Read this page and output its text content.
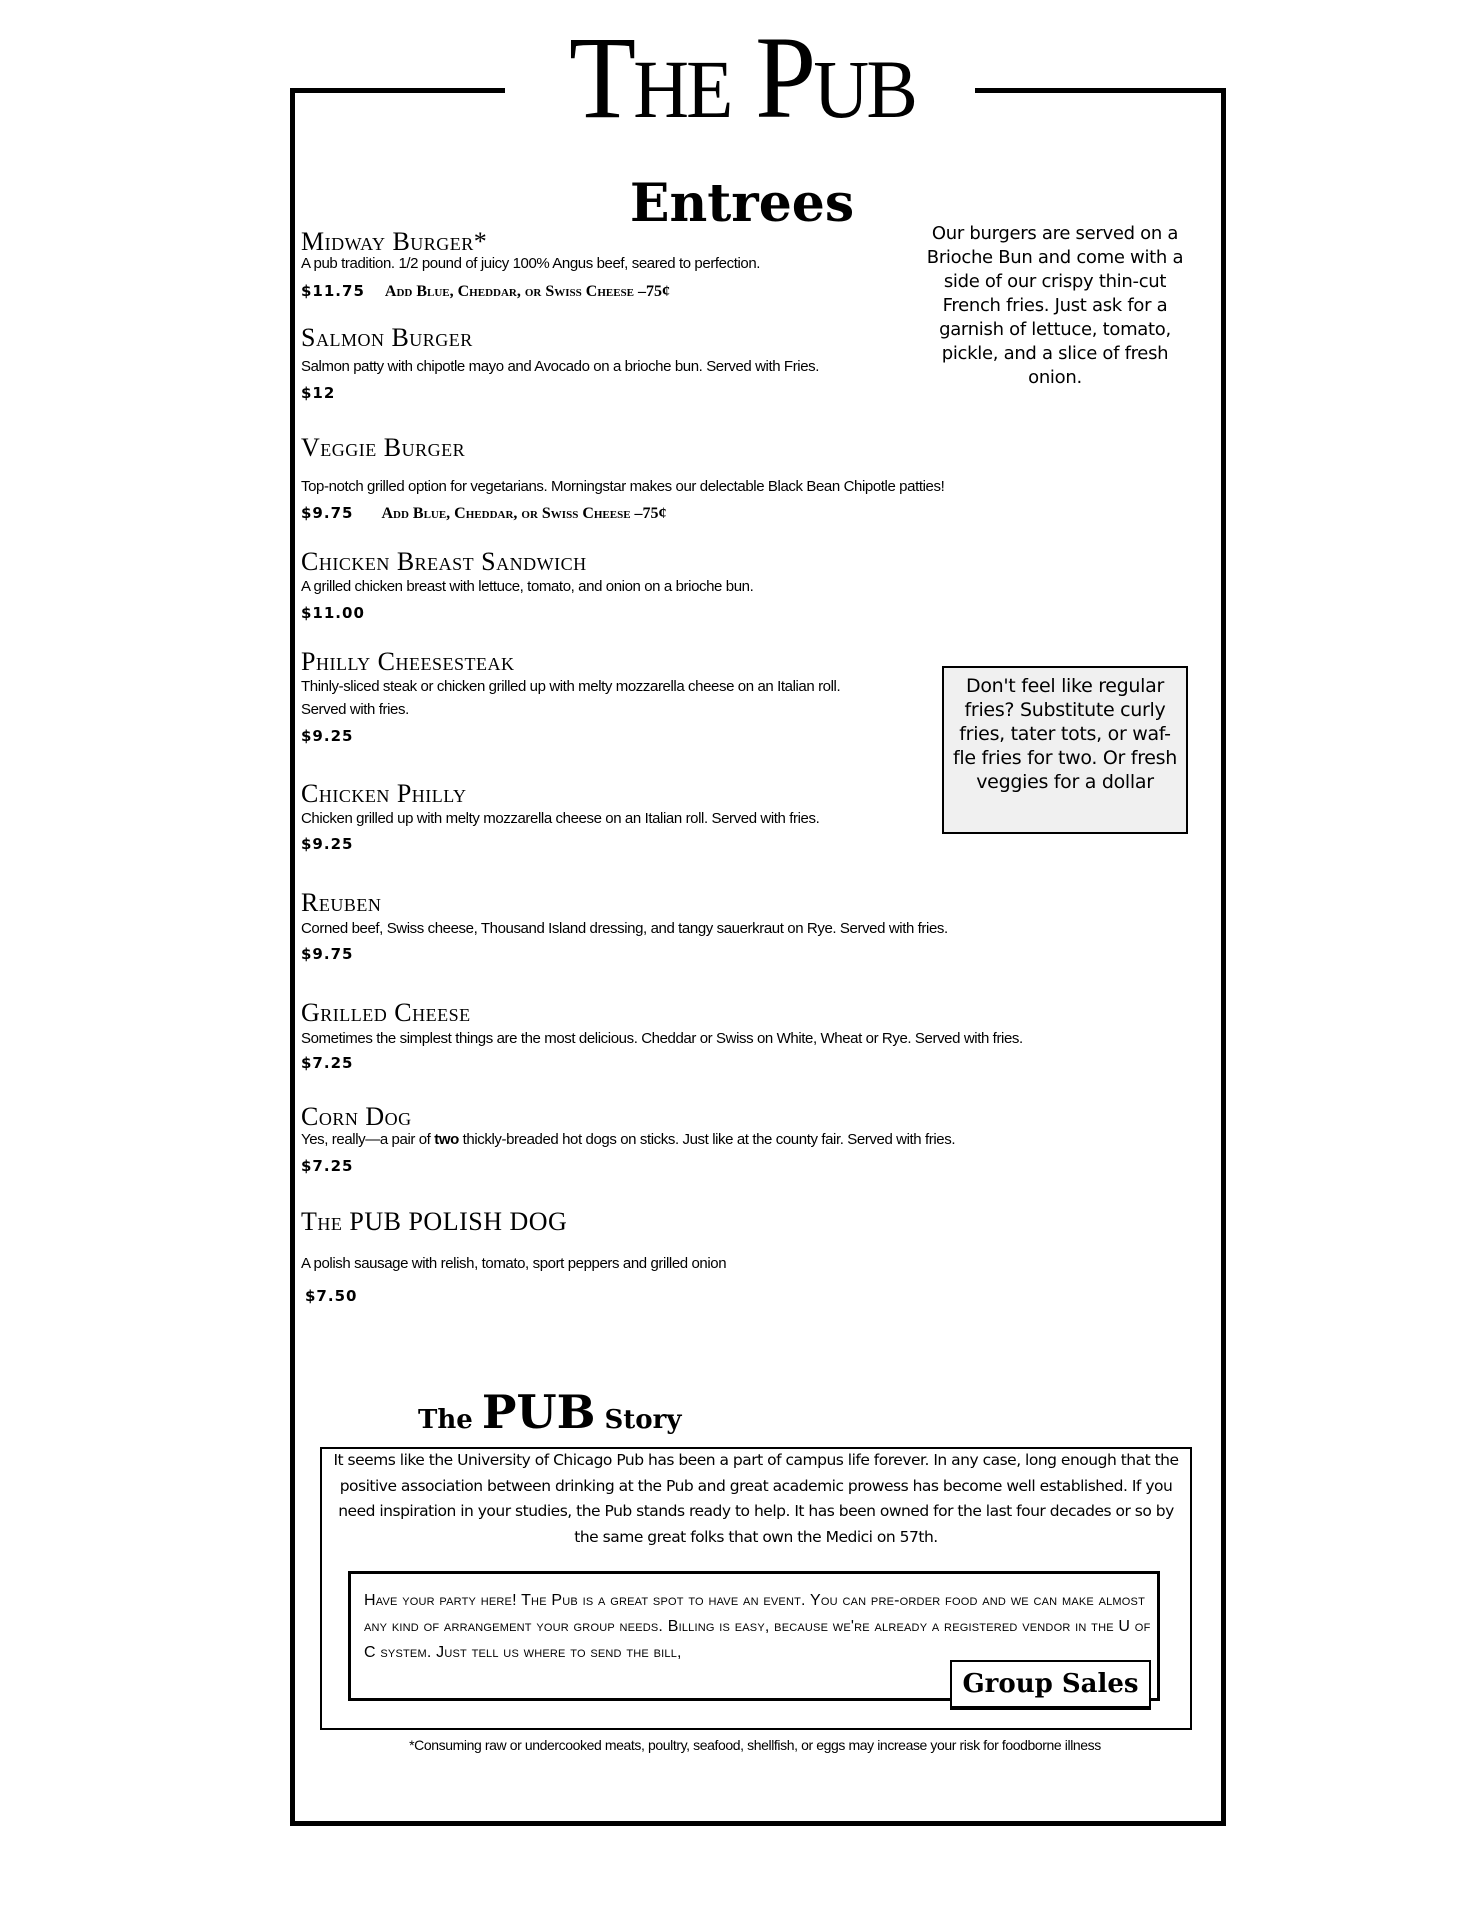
The Pub
Entrees
Midway Burger*
A pub tradition. 1/2 pound of juicy 100% Angus beef, seared to perfection.
$11.75 Add Blue, Cheddar, or Swiss Cheese –75¢
Salmon Burger
Salmon patty with chipotle mayo and Avocado on a brioche bun. Served with Fries.
$12
Veggie Burger
Top-notch grilled option for vegetarians. Morningstar makes our delectable Black Bean Chipotle patties!
$9.75 Add Blue, Cheddar, or Swiss Cheese –75¢
Chicken Breast Sandwich
A grilled chicken breast with lettuce, tomato, and onion on a brioche bun.
$11.00
Philly Cheesesteak
Thinly-sliced steak or chicken grilled up with melty mozzarella cheese on an Italian roll.
Served with fries.
$9.25
Chicken Philly
Chicken grilled up with melty mozzarella cheese on an Italian roll. Served with fries.
$9.25
Reuben
Corned beef, Swiss cheese, Thousand Island dressing, and tangy sauerkraut on Rye. Served with fries.
$9.75
Grilled Cheese
Sometimes the simplest things are the most delicious. Cheddar or Swiss on White, Wheat or Rye. Served with fries.
$7.25
Corn Dog
Yes, really—a pair of two thickly-breaded hot dogs on sticks. Just like at the county fair. Served with fries.
$7.25
The PUB POLISH DOG
A polish sausage with relish, tomato, sport peppers and grilled onion
$7.50
Our burgers are served on a Brioche Bun and come with a side of our crispy thin-cut French fries. Just ask for a garnish of lettuce, tomato, pickle, and a slice of fresh onion.
Don't feel like regular fries? Substitute curly fries, tater tots, or waf-fle fries for two. Or fresh veggies for a dollar
The PUB Story
It seems like the University of Chicago Pub has been a part of campus life forever. In any case, long enough that the positive association between drinking at the Pub and great academic prowess has become well established. If you need inspiration in your studies, the Pub stands ready to help. It has been owned for the last four decades or so by the same great folks that own the Medici on 57th.
Have your party here! The Pub is a great spot to have an event. You can pre-order food and we can make almost any kind of arrangement your group needs. Billing is easy, because we're already a registered vendor in the U of C system. Just tell us where to send the bill,
Group Sales
*Consuming raw or undercooked meats, poultry, seafood, shellfish, or eggs may increase your risk for foodborne illness
